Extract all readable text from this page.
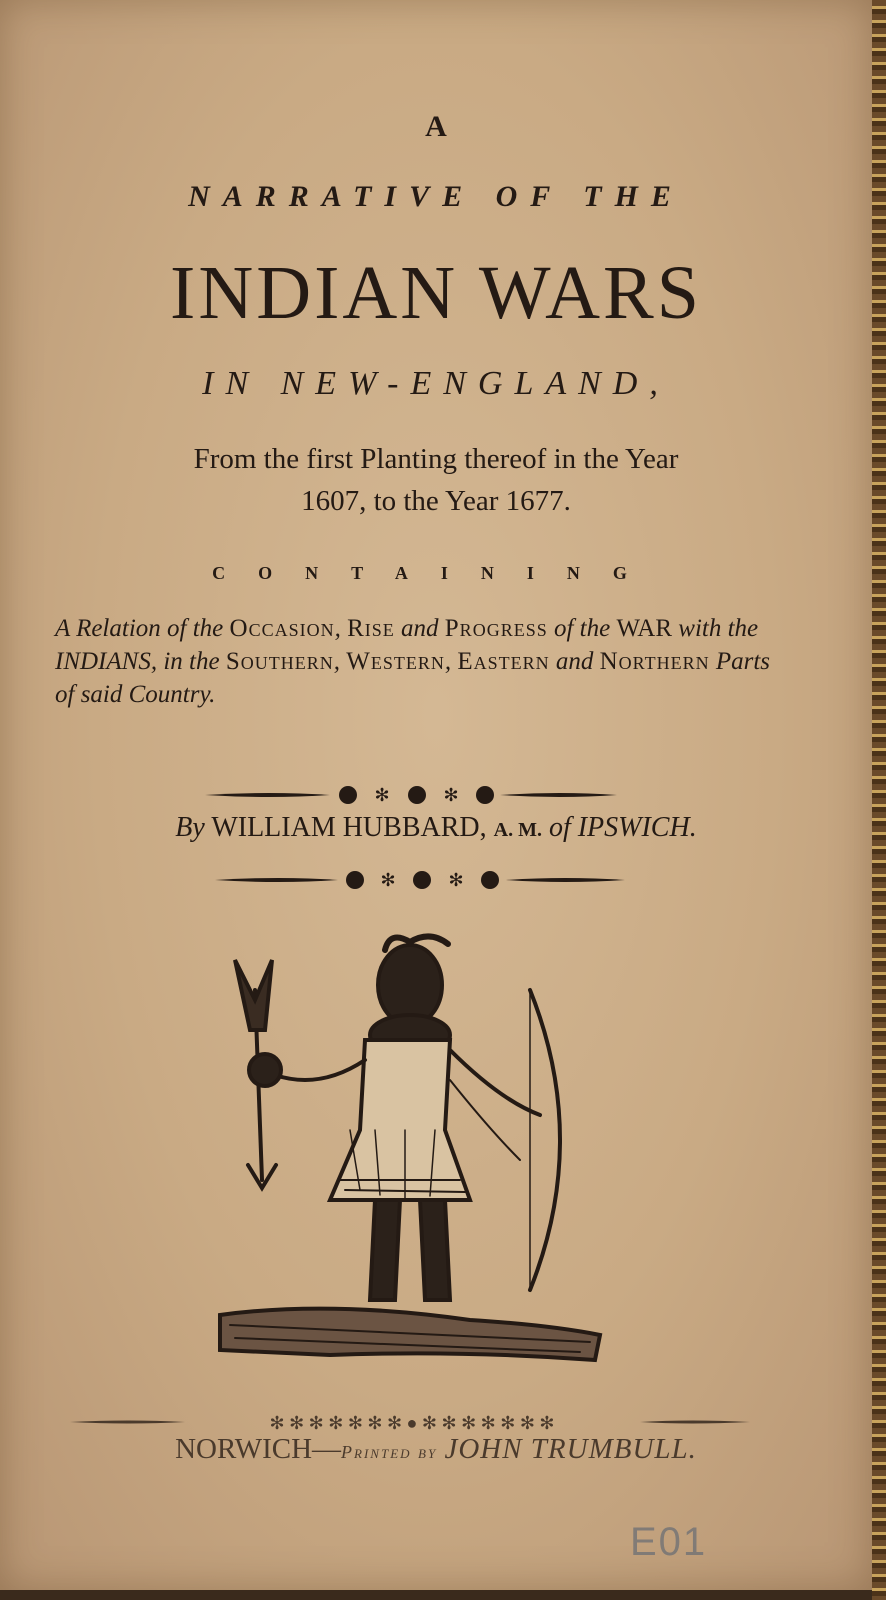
A
NARRATIVE OF THE
INDIAN WARS
IN NEW-ENGLAND,
From the first Planting thereof in the Year
1607, to the Year 1677.
CONTAINING
A Relation of the Occasion, Rise and Progress of the WAR with the INDIANS, in the Southern, Western, Eastern and Northern Parts of said Country.
✻	✻
By WILLIAM HUBBARD, A. M. of IPSWICH.
✻	✻
✻ ✻ ✻ ✻ ✻ ✻ ✻ ● ✻ ✻ ✻ ✻ ✻ ✻ ✻
NORWICH—Printed by JOHN TRUMBULL.
E01
